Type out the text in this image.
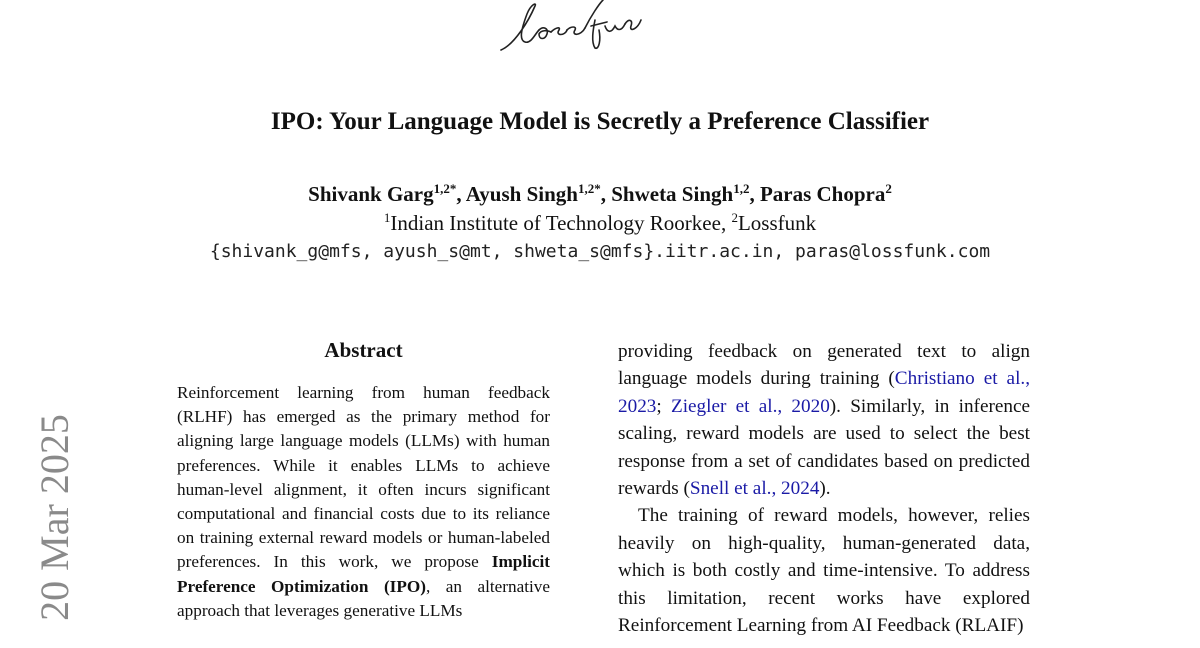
IPO: Your Language Model is Secretly a Preference Classifier
Shivank Garg$^{1,2*}$, Ayush Singh$^{1,2*}$, Shweta Singh$^{1,2}$, Paras Chopra$^2$
$^1$Indian Institute of Technology Roorkee, $^2$Lossfunk
{shivank_g@mfs, ayush_s@mt, shweta_s@mfs}.iitr.ac.in, paras@lossfunk.com
20 Mar 2025
Abstract
Reinforcement learning from human feedback (RLHF) has emerged as the primary method for aligning large language models (LLMs) with human preferences. While it enables LLMs to achieve human-level alignment, it often incurs significant computational and financial costs due to its reliance on training external reward models or human-labeled preferences. In this work, we propose Implicit Preference Optimization (IPO), an alternative approach that leverages generative LLMs

providing feedback on generated text to align language models during training (Christiano et al., 2023; Ziegler et al., 2020). Similarly, in inference scaling, reward models are used to select the best response from a set of candidates based on predicted rewards (Snell et al., 2024).

The training of reward models, however, relies heavily on high-quality, human-generated data, which is both costly and time-intensive. To address this limitation, recent works have explored Reinforcement Learning from AI Feedback (RLAIF)
